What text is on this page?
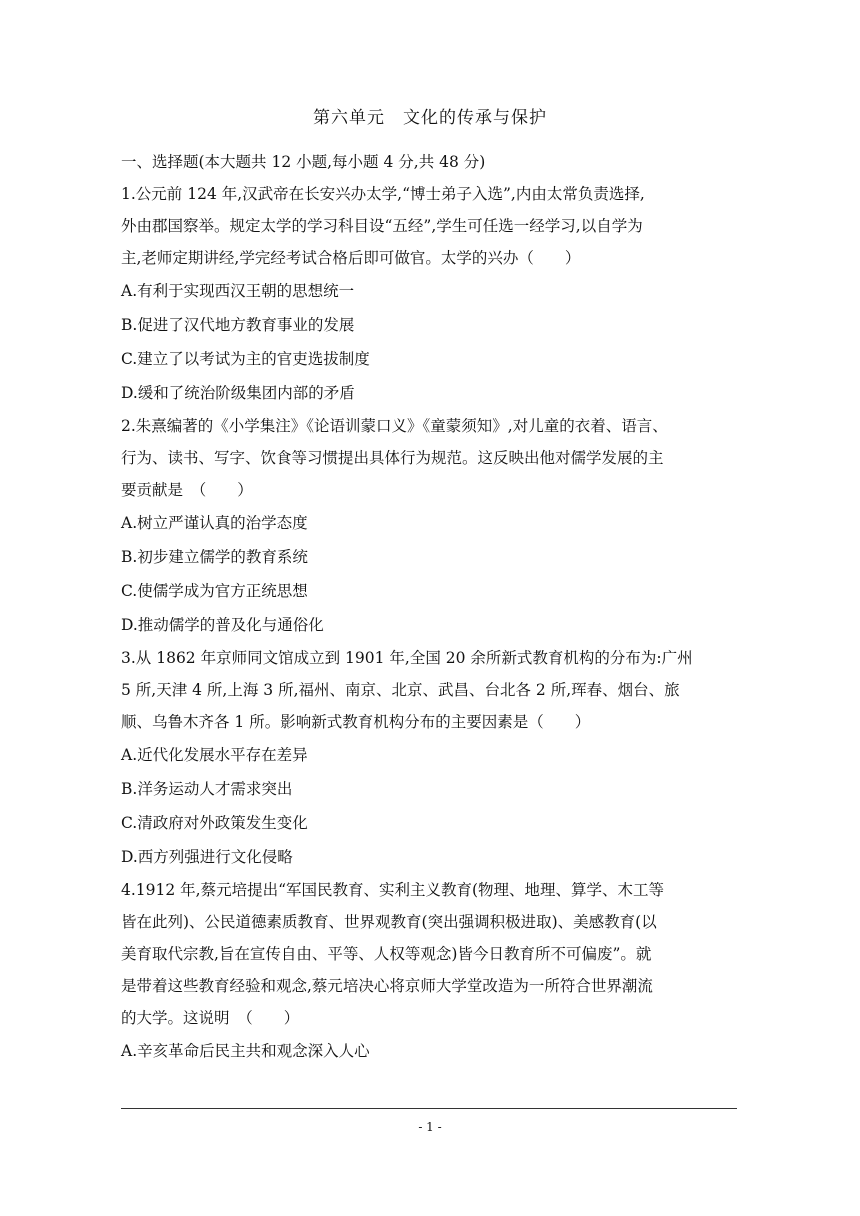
第六单元　文化的传承与保护
一、选择题(本大题共 12 小题,每小题 4 分,共 48 分)
1.公元前 124 年,汉武帝在长安兴办太学,“博士弟子入选”,内由太常负责选择,
外由郡国察举。规定太学的学习科目设“五经”,学生可任选一经学习,以自学为
主,老师定期讲经,学完经考试合格后即可做官。太学的兴办（　　）
A.有利于实现西汉王朝的思想统一
B.促进了汉代地方教育事业的发展
C.建立了以考试为主的官吏选拔制度
D.缓和了统治阶级集团内部的矛盾
2.朱熹编著的《小学集注》《论语训蒙口义》《童蒙须知》,对儿童的衣着、语言、
行为、读书、写字、饮食等习惯提出具体行为规范。这反映出他对儒学发展的主
要贡献是　（　　）
A.树立严谨认真的治学态度
B.初步建立儒学的教育系统
C.使儒学成为官方正统思想
D.推动儒学的普及化与通俗化
3.从 1862 年京师同文馆成立到 1901 年,全国 20 余所新式教育机构的分布为:广州
5 所,天津 4 所,上海 3 所,福州、南京、北京、武昌、台北各 2 所,珲春、烟台、旅
顺、乌鲁木齐各 1 所。影响新式教育机构分布的主要因素是（　　）
A.近代化发展水平存在差异
B.洋务运动人才需求突出
C.清政府对外政策发生变化
D.西方列强进行文化侵略
4.1912 年,蔡元培提出“军国民教育、实利主义教育(物理、地理、算学、木工等
皆在此列)、公民道德素质教育、世界观教育(突出强调积极进取)、美感教育(以
美育取代宗教,旨在宣传自由、平等、人权等观念)皆今日教育所不可偏废”。就
是带着这些教育经验和观念,蔡元培决心将京师大学堂改造为一所符合世界潮流
的大学。这说明　（　　）
A.辛亥革命后民主共和观念深入人心
- 1 -
